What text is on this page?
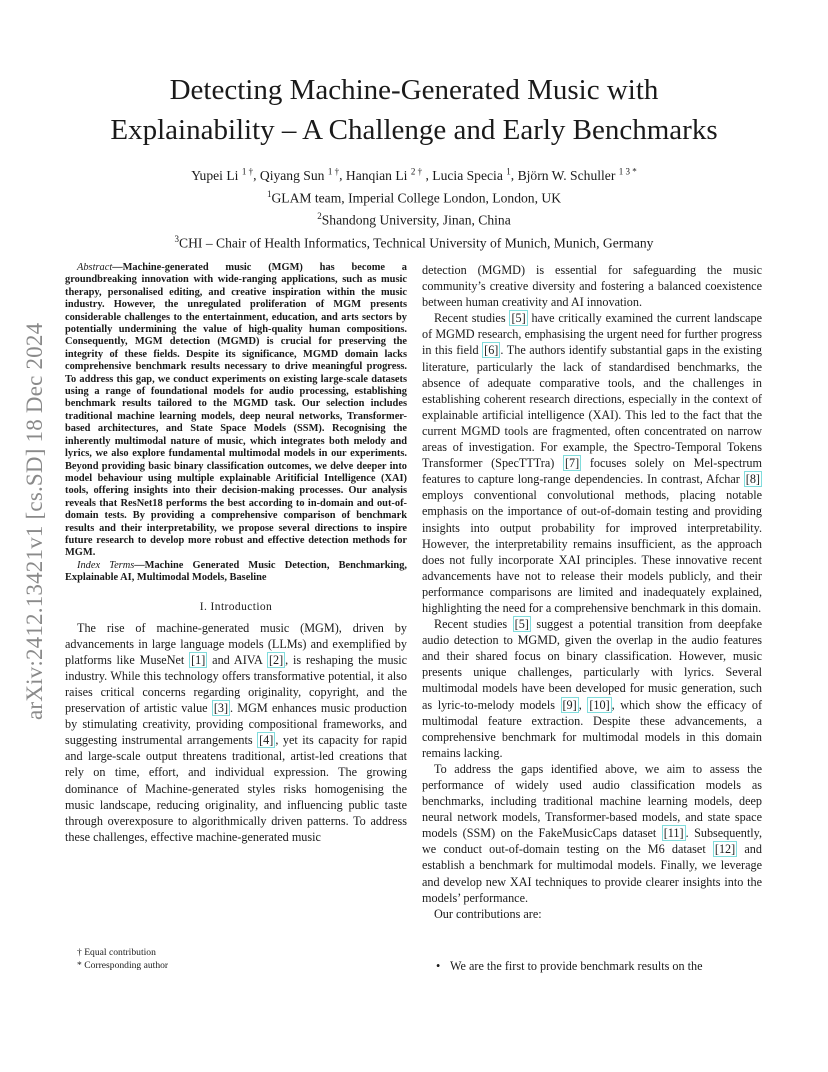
arXiv:2412.13421v1 [cs.SD] 18 Dec 2024
Detecting Machine-Generated Music with
Explainability – A Challenge and Early Benchmarks
Yupei Li $^{1 \dagger}$, Qiyang Sun $^{1 \dagger}$, Hanqian Li $^{2 \dagger}$ , Lucia Specia $^1$, Björn W. Schuller $^{1 3 *}$
$^1$GLAM team, Imperial College London, London, UK
$^2$Shandong University, Jinan, China
$^3$CHI – Chair of Health Informatics, Technical University of Munich, Munich, Germany

Abstract—Machine-generated music (MGM) has become a groundbreaking innovation with wide-ranging applications, such as music therapy, personalised editing, and creative inspiration within the music industry. However, the unregulated proliferation of MGM presents considerable challenges to the entertainment, education, and arts sectors by potentially undermining the value of high-quality human compositions. Consequently, MGM detection (MGMD) is crucial for preserving the integrity of these fields. Despite its significance, MGMD domain lacks comprehensive benchmark results necessary to drive meaningful progress. To address this gap, we conduct experiments on existing large-scale datasets using a range of foundational models for audio processing, establishing benchmark results tailored to the MGMD task. Our selection includes traditional machine learning models, deep neural networks, Transformer-based architectures, and State Space Models (SSM). Recognising the inherently multimodal nature of music, which integrates both melody and lyrics, we also explore fundamental multimodal models in our experiments. Beyond providing basic binary classification outcomes, we delve deeper into model behaviour using multiple explainable Aritificial Intelligence (XAI) tools, offering insights into their decision-making processes. Our analysis reveals that ResNet18 performs the best according to in-domain and out-of-domain tests. By providing a comprehensive comparison of benchmark results and their interpretability, we propose several directions to inspire future research to develop more robust and effective detection methods for MGM.

Index Terms—Machine Generated Music Detection, Benchmarking, Explainable AI, Multimodal Models, Baseline

I. Introduction

The rise of machine-generated music (MGM), driven by advancements in large language models (LLMs) and exemplified by platforms like MuseNet [1] and AIVA [2] , is reshaping the music industry. While this technology offers transformative potential, it also raises critical concerns regarding originality, copyright, and the preservation of artistic value [3] . MGM enhances music production by stimulating creativity, providing compositional frameworks, and suggesting instrumental arrangements [4] , yet its capacity for rapid and large-scale output threatens traditional, artist-led creations that rely on time, effort, and individual expression. The growing dominance of Machine-generated styles risks homogenising the music landscape, reducing originality, and influencing public taste through overexposure to algorithmically driven patterns. To address these challenges, effective machine-generated music

† Equal contribution
* Corresponding author

detection (MGMD) is essential for safeguarding the music community’s creative diversity and fostering a balanced coexistence between human creativity and AI innovation.

Recent studies [5] have critically examined the current landscape of MGMD research, emphasising the urgent need for further progress in this field [6] . The authors identify substantial gaps in the existing literature, particularly the lack of standardised benchmarks, the absence of adequate comparative tools, and the challenges in establishing coherent research directions, especially in the context of explainable artificial intelligence (XAI). This led to the fact that the current MGMD tools are fragmented, often concentrated on narrow areas of investigation. For example, the Spectro-Temporal Tokens Transformer (SpecTTTra) [7] focuses solely on Mel-spectrum features to capture long-range dependencies. In contrast, Afchar [8] employs conventional convolutional methods, placing notable emphasis on the importance of out-of-domain testing and providing insights into output probability for improved interpretability. However, the interpretability remains insufficient, as the approach does not fully incorporate XAI principles. These innovative recent advancements have not to release their models publicly, and their performance comparisons are limited and inadequately explained, highlighting the need for a comprehensive benchmark in this domain.

Recent studies [5] suggest a potential transition from deepfake audio detection to MGMD, given the overlap in the audio features and their shared focus on binary classification. However, music presents unique challenges, particularly with lyrics. Several multimodal models have been developed for music generation, such as lyric-to-melody models [9] , [10] , which show the efficacy of multimodal feature extraction. Despite these advancements, a comprehensive benchmark for multimodal models in this domain remains lacking.

To address the gaps identified above, we aim to assess the performance of widely used audio classification models as benchmarks, including traditional machine learning models, deep neural network models, Transformer-based models, and state space models (SSM) on the FakeMusicCaps dataset [11] . Subsequently, we conduct out-of-domain testing on the M6 dataset [12] and establish a benchmark for multimodal models. Finally, we leverage and develop new XAI techniques to provide clearer insights into the models’ performance.

Our contributions are:

• We are the first to provide benchmark results on the
